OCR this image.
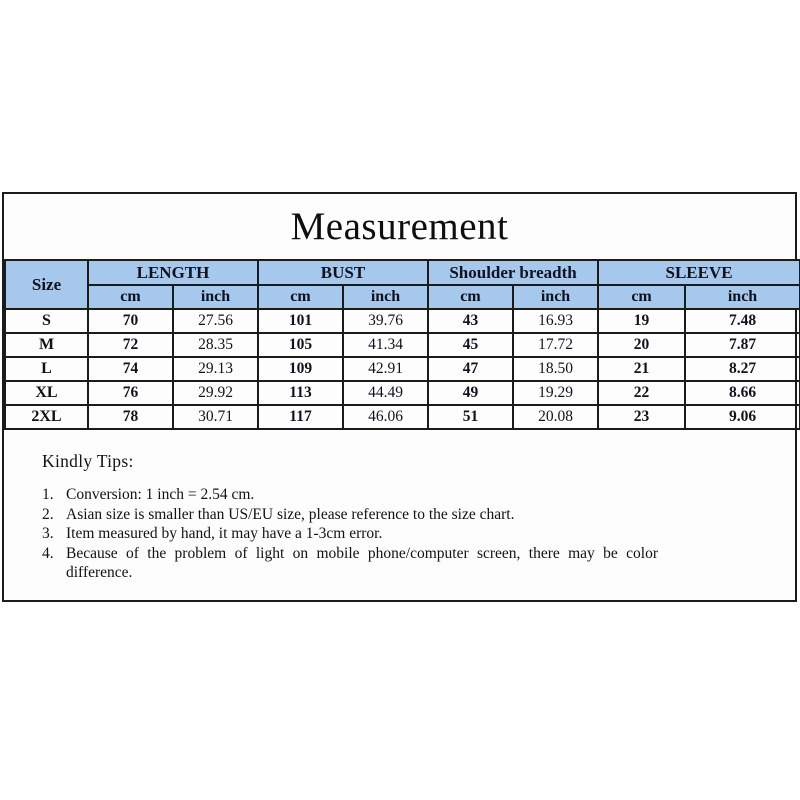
Measurement
Size	LENGTH		BUST		Shoulder breadth		SLEEVE	
	cm	inch	cm	inch	cm	inch	cm	inch
S	70	27.56	101	39.76	43	16.93	19	7.48
M	72	28.35	105	41.34	45	17.72	20	7.87
L	74	29.13	109	42.91	47	18.50	21	8.27
XL	76	29.92	113	44.49	49	19.29	22	8.66
2XL	78	30.71	117	46.06	51	20.08	23	9.06
Kindly Tips:
1. Conversion: 1 inch = 2.54 cm.
2. Asian size is smaller than US/EU size, please reference to the size chart.
3. Item measured by hand, it may have a 1-3cm error.
4. Because of the problem of light on mobile phone/computer screen, there may be color difference.
